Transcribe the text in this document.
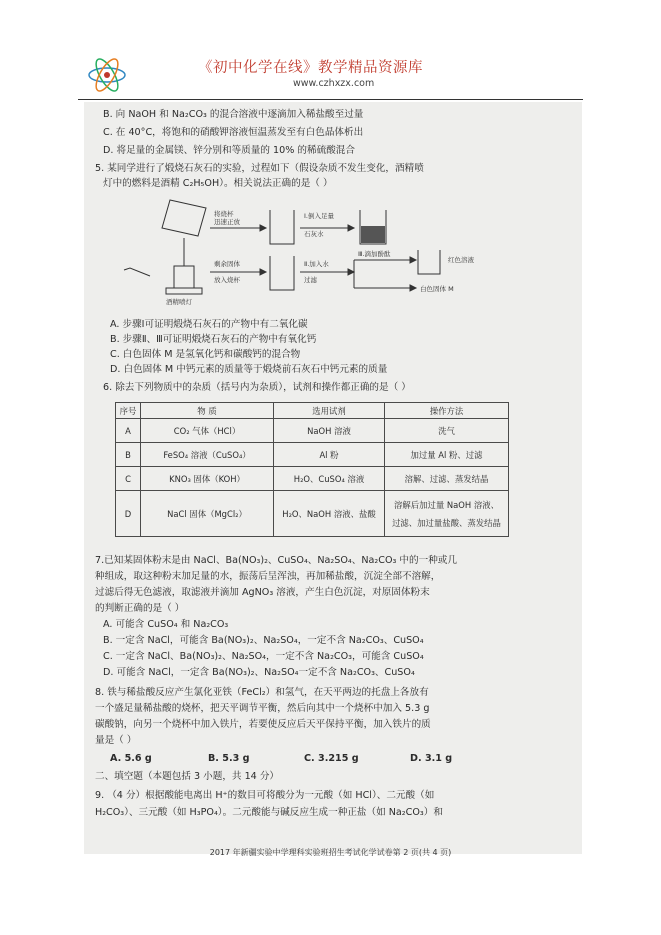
《初中化学在线》教学精品资源库
www.czhxzx.com
B. 向 NaOH 和 Na₂CO₃ 的混合溶液中逐滴加入稀盐酸至过量
C. 在 40°C，将饱和的硝酸钾溶液恒温蒸发至有白色晶体析出
D. 将足量的金属镁、锌分别和等质量的 10% 的稀硫酸混合
5. 某同学进行了煅烧石灰石的实验，过程如下（假设杂质不发生变化，酒精喷
灯中的燃料是酒精 C₂H₅OH）。相关说法正确的是（ ）
将烧杯
迅速正放
Ⅰ.倒入足量
石灰水
Ⅲ.滴加酚酞
红色溶液
剩余固体
放入烧杯
Ⅱ.加入水
过滤
白色固体 M
酒精喷灯
A. 步骤Ⅰ可证明煅烧石灰石的产物中有二氧化碳
B. 步骤Ⅱ、Ⅲ可证明煅烧石灰石的产物中有氧化钙
C. 白色固体 M 是氢氧化钙和碳酸钙的混合物
D. 白色固体 M 中钙元素的质量等于煅烧前石灰石中钙元素的质量
6. 除去下列物质中的杂质（括号内为杂质），试剂和操作都正确的是（ ）
序号	物 质	选用试剂	操作方法
A	CO₂ 气体（HCl）	NaOH 溶液	洗气
B	FeSO₄ 溶液（CuSO₄）	Al 粉	加过量 Al 粉、过滤
C	KNO₃ 固体（KOH）	H₂O、CuSO₄ 溶液	溶解、过滤、蒸发结晶
D	NaCl 固体（MgCl₂）	H₂O、NaOH 溶液、盐酸	溶解后加过量 NaOH 溶液、
过滤、加过量盐酸、蒸发结晶
7.已知某固体粉末是由 NaCl、Ba(NO₃)₂、CuSO₄、Na₂SO₄、Na₂CO₃ 中的一种或几
种组成，取这种粉末加足量的水，振荡后呈浑浊，再加稀盐酸，沉淀全部不溶解，
过滤后得无色滤液，取滤液并滴加 AgNO₃ 溶液，产生白色沉淀，对原固体粉末
的判断正确的是（ ）
A. 可能含 CuSO₄ 和 Na₂CO₃
B. 一定含 NaCl，可能含 Ba(NO₃)₂、Na₂SO₄，一定不含 Na₂CO₃、CuSO₄
C. 一定含 NaCl、Ba(NO₃)₂、Na₂SO₄，一定不含 Na₂CO₃，可能含 CuSO₄
D. 可能含 NaCl，一定含 Ba(NO₃)₂、Na₂SO₄一定不含 Na₂CO₃、CuSO₄
8. 铁与稀盐酸反应产生氯化亚铁（FeCl₂）和氢气，在天平两边的托盘上各放有
一个盛足量稀盐酸的烧杯，把天平调节平衡，然后向其中一个烧杯中加入 5.3 g
碳酸钠，向另一个烧杯中加入铁片，若要使反应后天平保持平衡，加入铁片的质
量是（ ）
A. 5.6 g	B. 5.3 g	C. 3.215 g	D. 3.1 g
二、填空题（本题包括 3 小题，共 14 分）
9. （4 分）根据酸能电离出 H⁺的数目可将酸分为一元酸（如 HCl）、二元酸（如
H₂CO₃）、三元酸（如 H₃PO₄）。二元酸能与碱反应生成一种正盐（如 Na₂CO₃）和
2017 年新疆实验中学理科实验班招生考试化学试卷第 2 页(共 4 页)
